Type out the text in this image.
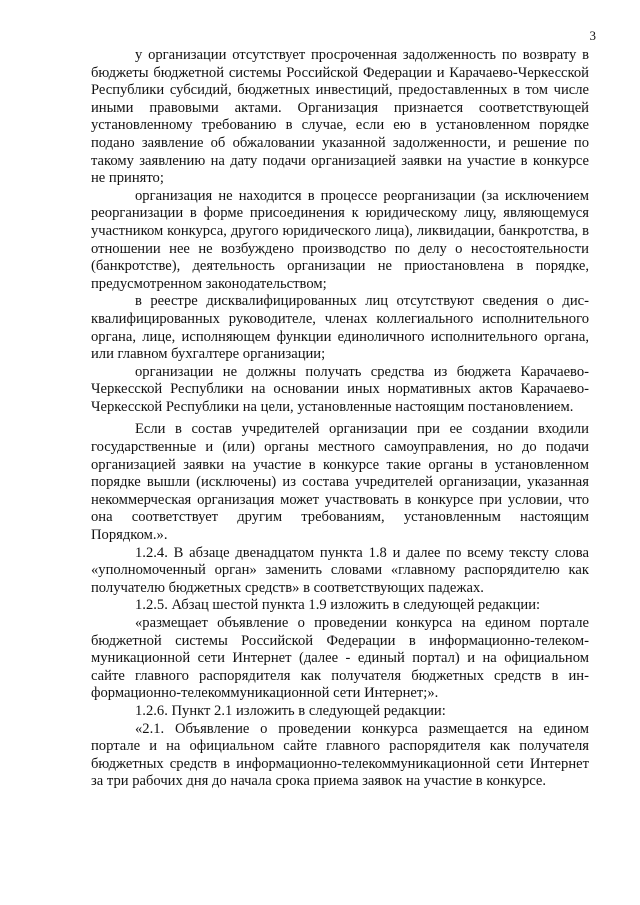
3

у организации отсутствует просроченная задолженность по возврату в бюджеты бюджетной системы Российской Федерации и Карачаево-Черкесской Республики субсидий, бюджетных инвестиций, предоставленных в том числе иными правовыми актами. Организация признается соответствующей установленному требованию в случае, если ею в установленном порядке подано заявление об обжаловании указанной задолженности, и решение по такому заявлению на дату подачи организацией заявки на участие в конкурсе не принято;

организация не находится в процессе реорганизации (за исключением реорганизации в форме присоединения к юридическому лицу, являющемуся участником конкурса, другого юридического лица), ликвидации, банкротства, в отношении нее не возбуждено производство по делу о несостоятельности (банкротстве), деятельность организации не приостановлена в порядке, предусмотренном законодательством;

в реестре дисквалифицированных лиц отсутствуют сведения о дисквалифицированных руководителе, членах коллегиального исполнительного органа, лице, исполняющем функции единоличного исполнительного органа, или главном бухгалтере организации;

организации не должны получать средства из бюджета Карачаево-Черкесской Республики на основании иных нормативных актов Карачаево-Черкесской Республики на цели, установленные настоящим постановлением.

Если в состав учредителей организации при ее создании входили государственные и (или) органы местного самоуправления, но до подачи организацией заявки на участие в конкурсе такие органы в установленном порядке вышли (исключены) из состава учредителей организации, указанная некоммерческая организация может участвовать в конкурсе при условии, что она соответствует другим требованиям, установленным настоящим Порядком.».

1.2.4. В абзаце двенадцатом пункта 1.8 и далее по всему тексту слова «уполномоченный орган» заменить словами «главному распорядителю как получателю бюджетных средств» в соответствующих падежах.

1.2.5. Абзац шестой пункта 1.9 изложить в следующей редакции:

«размещает объявление о проведении конкурса на едином портале бюджетной системы Российской Федерации в информационно-телекоммуникационной сети Интернет (далее - единый портал) и на официальном сайте главного распорядителя как получателя бюджетных средств в информационно-телекоммуникационной сети Интернет;».

1.2.6. Пункт 2.1 изложить в следующей редакции:

«2.1. Объявление о проведении конкурса размещается на едином портале и на официальном сайте главного распорядителя как получателя бюджетных средств в информационно-телекоммуникационной сети Интернет за три рабочих дня до начала срока приема заявок на участие в конкурсе.
